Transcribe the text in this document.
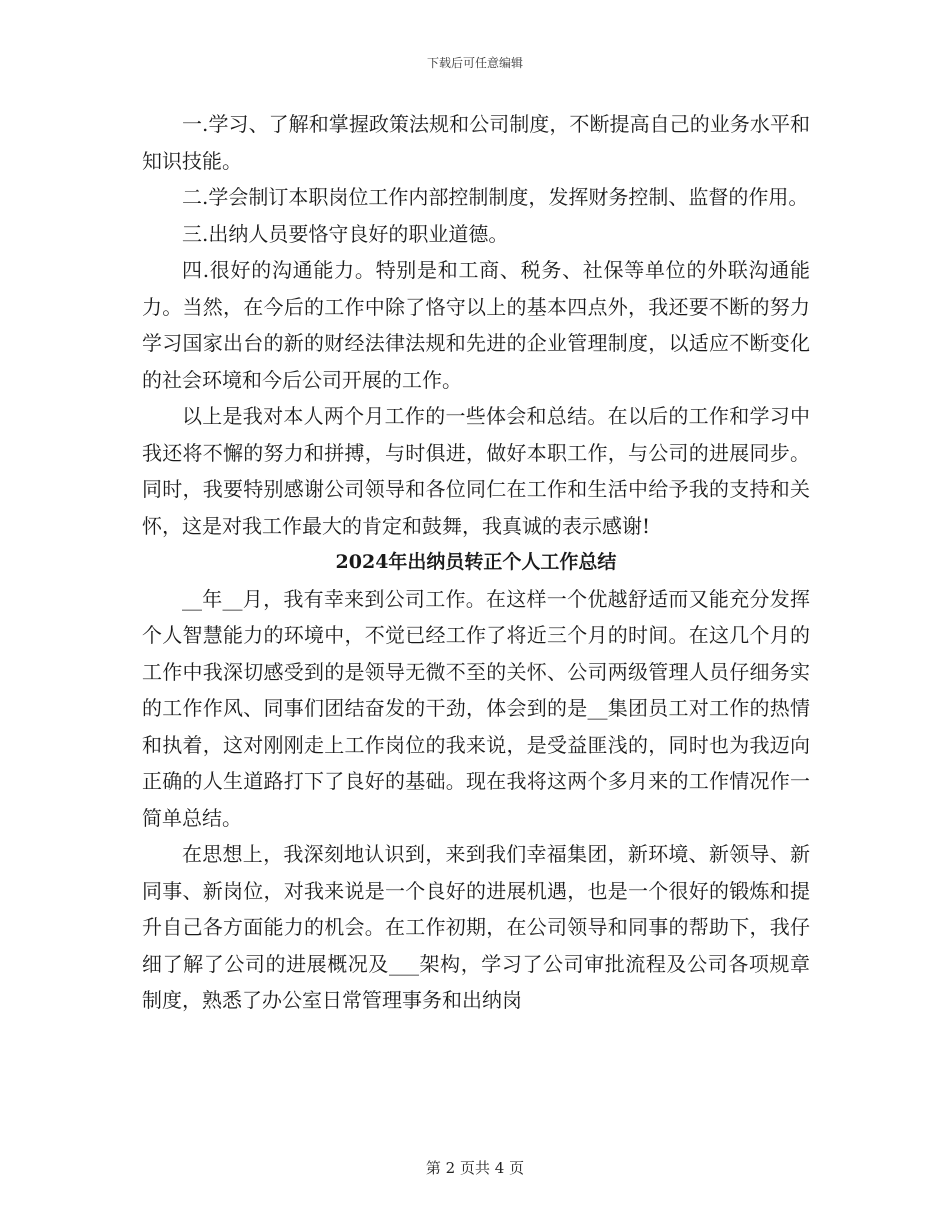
下载后可任意编辑

一.学习、了解和掌握政策法规和公司制度，不断提高自己的业务水平和知识技能。

二.学会制订本职岗位工作内部控制制度，发挥财务控制、监督的作用。

三.出纳人员要恪守良好的职业道德。

四.很好的沟通能力。特别是和工商、税务、社保等单位的外联沟通能力。当然，在今后的工作中除了恪守以上的基本四点外，我还要不断的努力学习国家出台的新的财经法律法规和先进的企业管理制度，以适应不断变化的社会环境和今后公司开展的工作。

以上是我对本人两个月工作的一些体会和总结。在以后的工作和学习中我还将不懈的努力和拼搏，与时俱进，做好本职工作，与公司的进展同步。同时，我要特别感谢公司领导和各位同仁在工作和生活中给予我的支持和关怀，这是对我工作最大的肯定和鼓舞，我真诚的表示感谢!

2024年出纳员转正个人工作总结

__年__月，我有幸来到公司工作。在这样一个优越舒适而又能充分发挥个人智慧能力的环境中，不觉已经工作了将近三个月的时间。在这几个月的工作中我深切感受到的是领导无微不至的关怀、公司两级管理人员仔细务实的工作作风、同事们团结奋发的干劲，体会到的是__集团员工对工作的热情和执着，这对刚刚走上工作岗位的我来说，是受益匪浅的，同时也为我迈向正确的人生道路打下了良好的基础。现在我将这两个多月来的工作情况作一简单总结。

在思想上，我深刻地认识到，来到我们幸福集团，新环境、新领导、新同事、新岗位，对我来说是一个良好的进展机遇，也是一个很好的锻炼和提升自己各方面能力的机会。在工作初期，在公司领导和同事的帮助下，我仔细了解了公司的进展概况及___架构，学习了公司审批流程及公司各项规章制度，熟悉了办公室日常管理事务和出纳岗

第 2 页共 4 页
